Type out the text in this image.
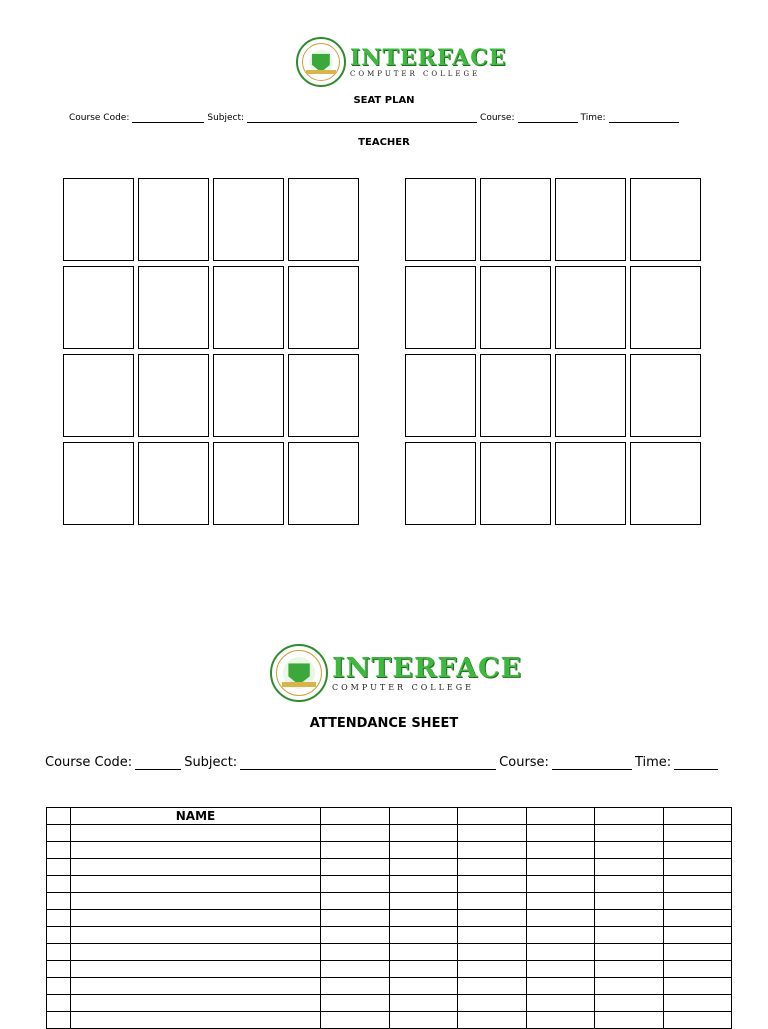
INTERFACE
COMPUTER COLLEGE
SEAT PLAN
Course Code:	Subject:	Course:	Time:
TEACHER
INTERFACE
COMPUTER COLLEGE
ATTENDANCE SHEET
Course Code:	Subject:	Course:	Time:
	NAME						
